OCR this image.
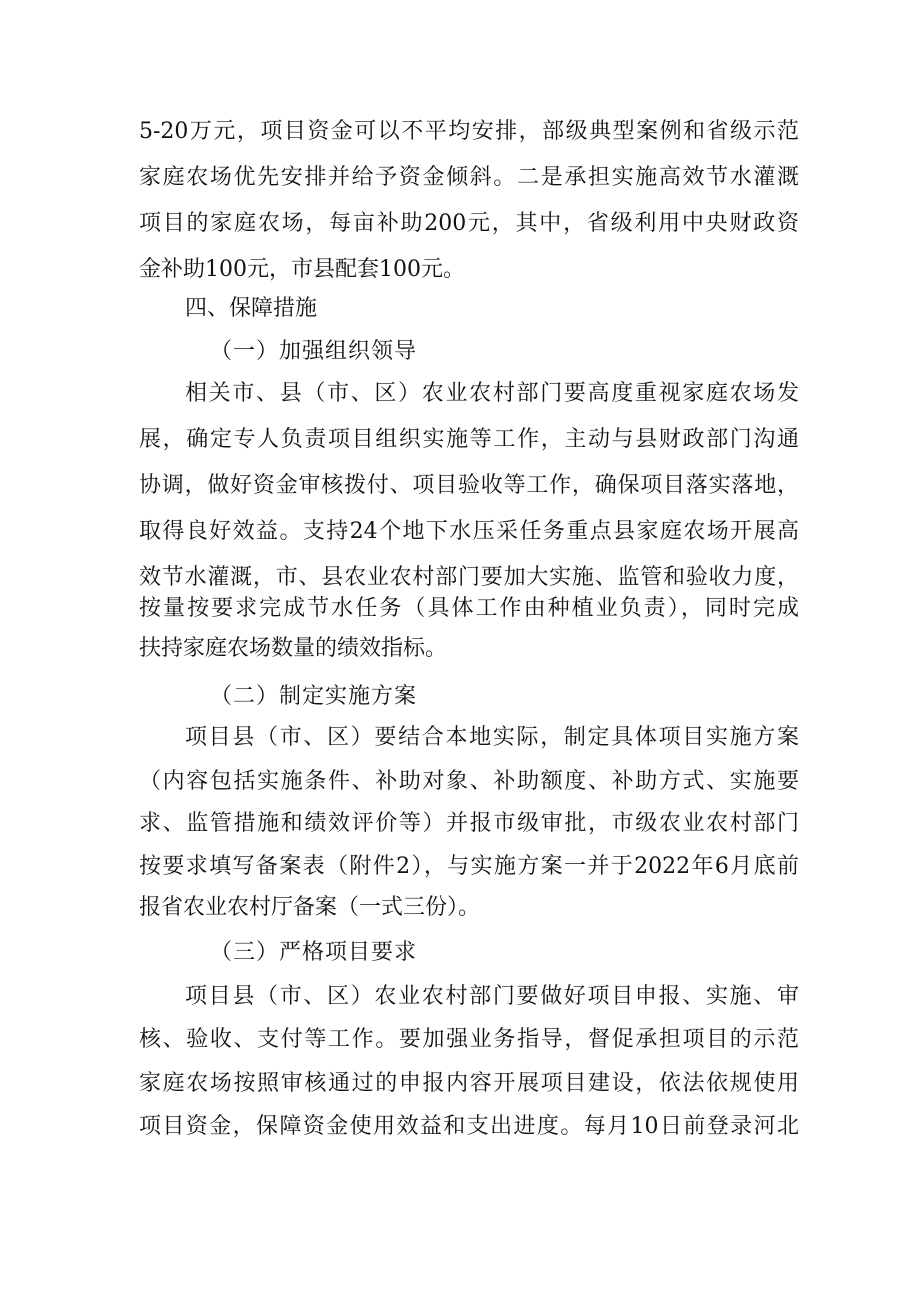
5-20万元，项目资金可以不平均安排，部级典型案例和省级示范
家庭农场优先安排并给予资金倾斜。二是承担实施高效节水灌溉
项目的家庭农场，每亩补助200元，其中，省级利用中央财政资
金补助100元，市县配套100元。
四、保障措施
（一）加强组织领导
相关市、县（市、区）农业农村部门要高度重视家庭农场发
展，确定专人负责项目组织实施等工作，主动与县财政部门沟通
协调，做好资金审核拨付、项目验收等工作，确保项目落实落地，
取得良好效益。支持24个地下水压采任务重点县家庭农场开展高
效节水灌溉，市、县农业农村部门要加大实施、监管和验收力度，
按量按要求完成节水任务（具体工作由种植业负责），同时完成
扶持家庭农场数量的绩效指标。
（二）制定实施方案
项目县（市、区）要结合本地实际，制定具体项目实施方案
（内容包括实施条件、补助对象、补助额度、补助方式、实施要
求、监管措施和绩效评价等）并报市级审批，市级农业农村部门
按要求填写备案表（附件2），与实施方案一并于2022年6月底前
报省农业农村厅备案（一式三份）。
（三）严格项目要求
项目县（市、区）农业农村部门要做好项目申报、实施、审
核、验收、支付等工作。要加强业务指导，督促承担项目的示范
家庭农场按照审核通过的申报内容开展项目建设，依法依规使用
项目资金，保障资金使用效益和支出进度。每月10日前登录河北
